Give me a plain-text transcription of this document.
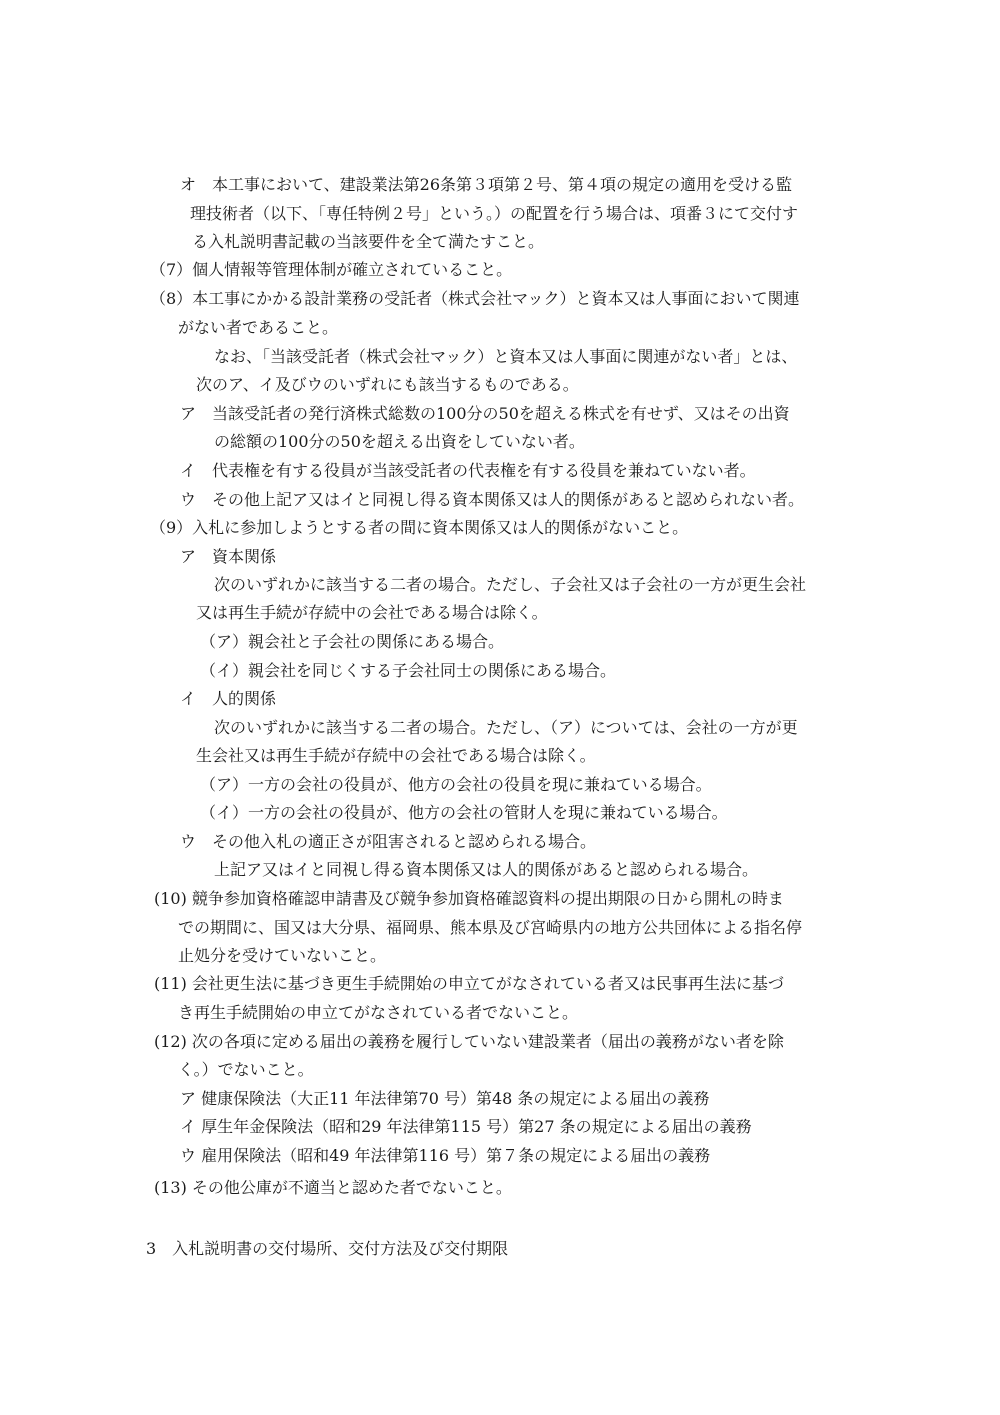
オ　本工事において、建設業法第26条第３項第２号、第４項の規定の適用を受ける監

理技術者（以下、「専任特例２号」という。）の配置を行う場合は、項番３にて交付す

る入札説明書記載の当該要件を全て満たすこと。

（7）個人情報等管理体制が確立されていること。

（8）本工事にかかる設計業務の受託者（株式会社マック）と資本又は人事面において関連

がない者であること。

なお、「当該受託者（株式会社マック）と資本又は人事面に関連がない者」とは、

次のア、イ及びウのいずれにも該当するものである。

ア　当該受託者の発行済株式総数の100分の50を超える株式を有せず、又はその出資

の総額の100分の50を超える出資をしていない者。

イ　代表権を有する役員が当該受託者の代表権を有する役員を兼ねていない者。

ウ　その他上記ア又はイと同視し得る資本関係又は人的関係があると認められない者。

（9）入札に参加しようとする者の間に資本関係又は人的関係がないこと。

ア　資本関係

次のいずれかに該当する二者の場合。ただし、子会社又は子会社の一方が更生会社

又は再生手続が存続中の会社である場合は除く。

（ア）親会社と子会社の関係にある場合。

（イ）親会社を同じくする子会社同士の関係にある場合。

イ　人的関係

次のいずれかに該当する二者の場合。ただし、（ア）については、会社の一方が更

生会社又は再生手続が存続中の会社である場合は除く。

（ア）一方の会社の役員が、他方の会社の役員を現に兼ねている場合。

（イ）一方の会社の役員が、他方の会社の管財人を現に兼ねている場合。

ウ　その他入札の適正さが阻害されると認められる場合。

上記ア又はイと同視し得る資本関係又は人的関係があると認められる場合。

(10) 競争参加資格確認申請書及び競争参加資格確認資料の提出期限の日から開札の時ま

での期間に、国又は大分県、福岡県、熊本県及び宮崎県内の地方公共団体による指名停

止処分を受けていないこと。

(11) 会社更生法に基づき更生手続開始の申立てがなされている者又は民事再生法に基づ

き再生手続開始の申立てがなされている者でないこと。

(12) 次の各項に定める届出の義務を履行していない建設業者（届出の義務がない者を除

く。）でないこと。

ア 健康保険法（大正11 年法律第70 号）第48 条の規定による届出の義務

イ 厚生年金保険法（昭和29 年法律第115 号）第27 条の規定による届出の義務

ウ 雇用保険法（昭和49 年法律第116 号）第７条の規定による届出の義務

(13) その他公庫が不適当と認めた者でないこと。

3　入札説明書の交付場所、交付方法及び交付期限
